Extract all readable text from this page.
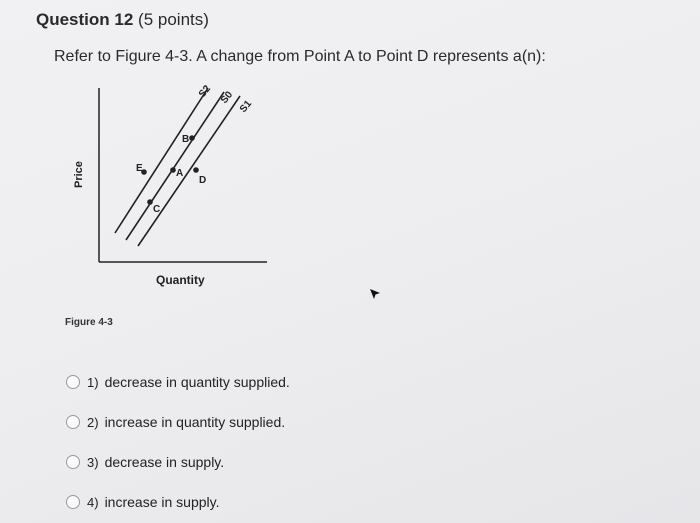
Question 12 (5 points)
Refer to Figure 4-3. A change from Point A to Point D represents a(n):
Price
Quantity
S2 S0
S1
A
B
C
D
E
Figure 4-3
1) decrease in quantity supplied.
2) increase in quantity supplied.
3) decrease in supply.
4) increase in supply.
